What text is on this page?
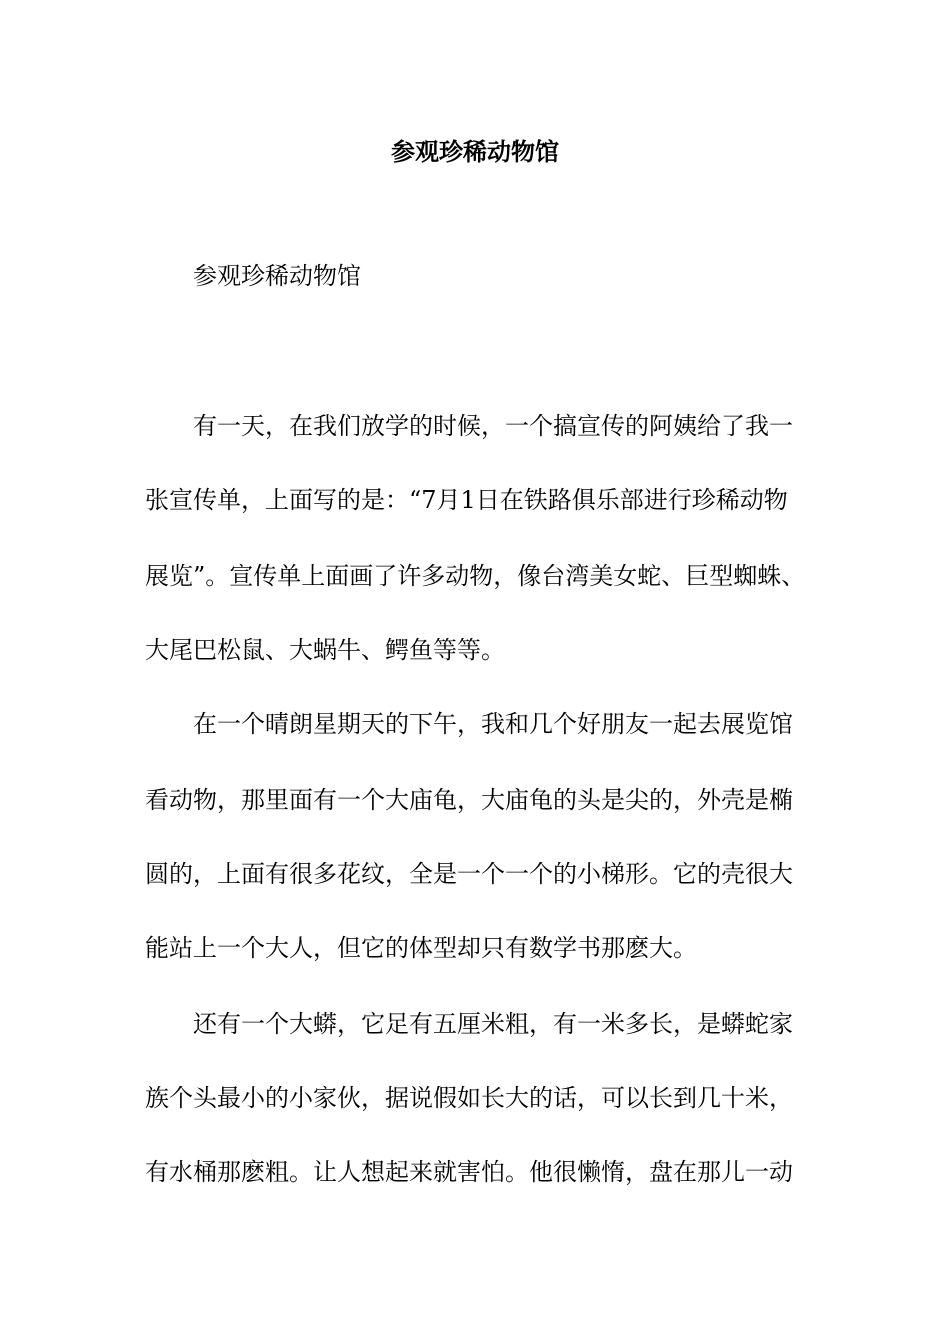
参观珍稀动物馆
参观珍稀动物馆
有一天，在我们放学的时候，一个搞宣传的阿姨给了我一
张宣传单，上面写的是：“7月1日在铁路俱乐部进行珍稀动物
展览”。宣传单上面画了许多动物，像台湾美女蛇、巨型蜘蛛、
大尾巴松鼠、大蜗牛、鳄鱼等等。
在一个晴朗星期天的下午，我和几个好朋友一起去展览馆
看动物，那里面有一个大庙龟，大庙龟的头是尖的，外壳是椭
圆的，上面有很多花纹，全是一个一个的小梯形。它的壳很大
能站上一个大人，但它的体型却只有数学书那麽大。
还有一个大蟒，它足有五厘米粗，有一米多长，是蟒蛇家
族个头最小的小家伙，据说假如长大的话，可以长到几十米，
有水桶那麽粗。让人想起来就害怕。他很懒惰，盘在那儿一动
